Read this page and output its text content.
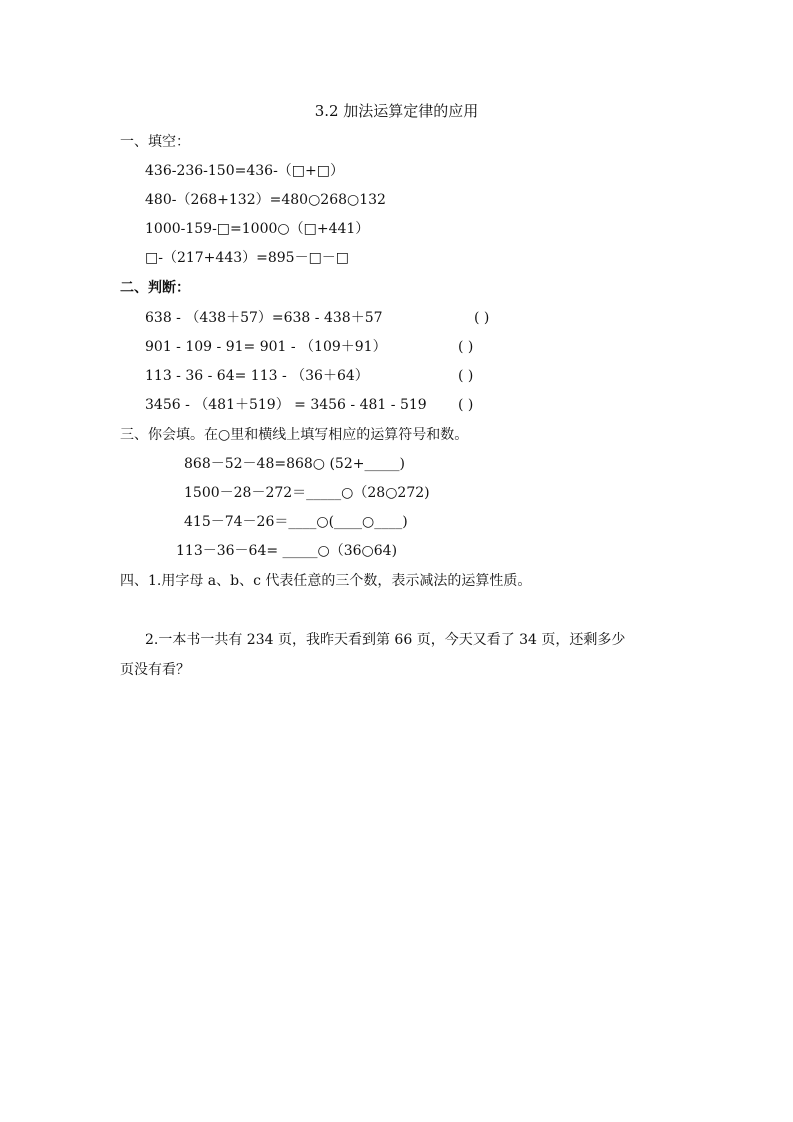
3.2 加法运算定律的应用
一、填空：
436-236-150=436-（□+□）
480-（268+132）=480○268○132
1000-159-□=1000○（□+441）
□-（217+443）=895－□－□
二、判断：
638 - （438＋57）=638 - 438＋57	( )
901 - 109 - 91= 901 - （109＋91）	( )
113 - 36 - 64= 113 - （36＋64）	( )
3456 - （481＋519） = 3456 - 481 - 519 ( )
三、你会填。在○里和横线上填写相应的运算符号和数。
868－52－48=868○ (52+_____)
1500－28－272＝_____○（28○272)
415－74－26＝____○(____○____)
113－36－64= _____○（36○64)
四、1.用字母 a、b、c 代表任意的三个数，表示减法的运算性质。
2.一本书一共有 234 页，我昨天看到第 66 页，今天又看了 34 页，还剩多少
页没有看？
